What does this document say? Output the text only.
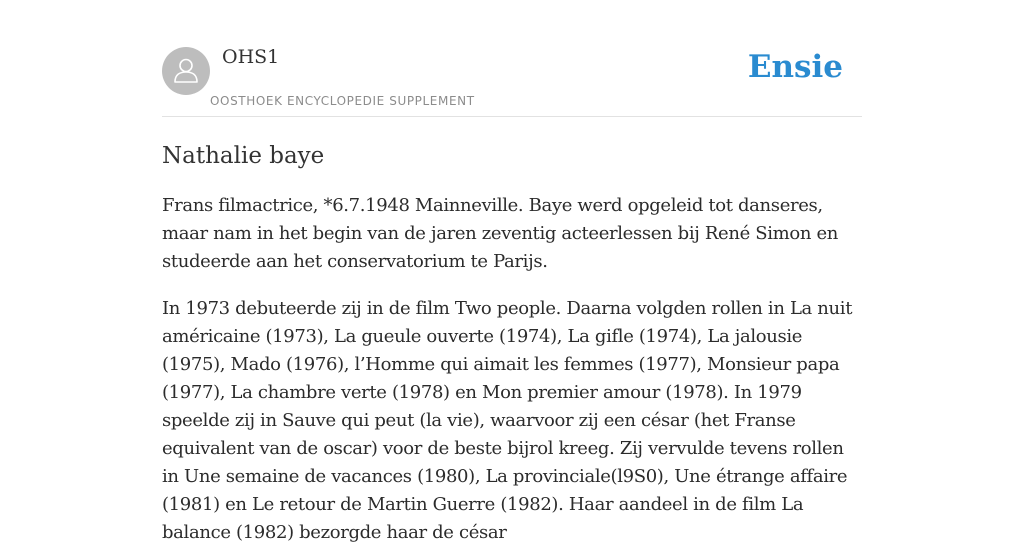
OHS1
OOSTHOEK ENCYCLOPEDIE SUPPLEMENT
Ensie
Nathalie baye

Frans filmactrice, *6.7.1948 Mainneville. Baye werd opgeleid tot danseres, maar nam in het begin van de jaren zeventig acteerlessen bij René Simon en studeerde aan het conservatorium te Parijs.

In 1973 debuteerde zij in de film Two people. Daarna volgden rollen in La nuit américaine (1973), La gueule ouverte (1974), La gifle (1974), La jalousie (1975), Mado (1976), l’Homme qui aimait les femmes (1977), Monsieur papa (1977), La chambre verte (1978) en Mon premier amour (1978). In 1979 speelde zij in Sauve qui peut (la vie), waarvoor zij een césar (het Franse equivalent van de oscar) voor de beste bijrol kreeg. Zij vervulde tevens rollen in Une semaine de vacances (1980), La provinciale(l9S0), Une étrange affaire (1981) en Le retour de Martin Guerre (1982). Haar aandeel in de film La balance (1982) bezorgde haar de césar
